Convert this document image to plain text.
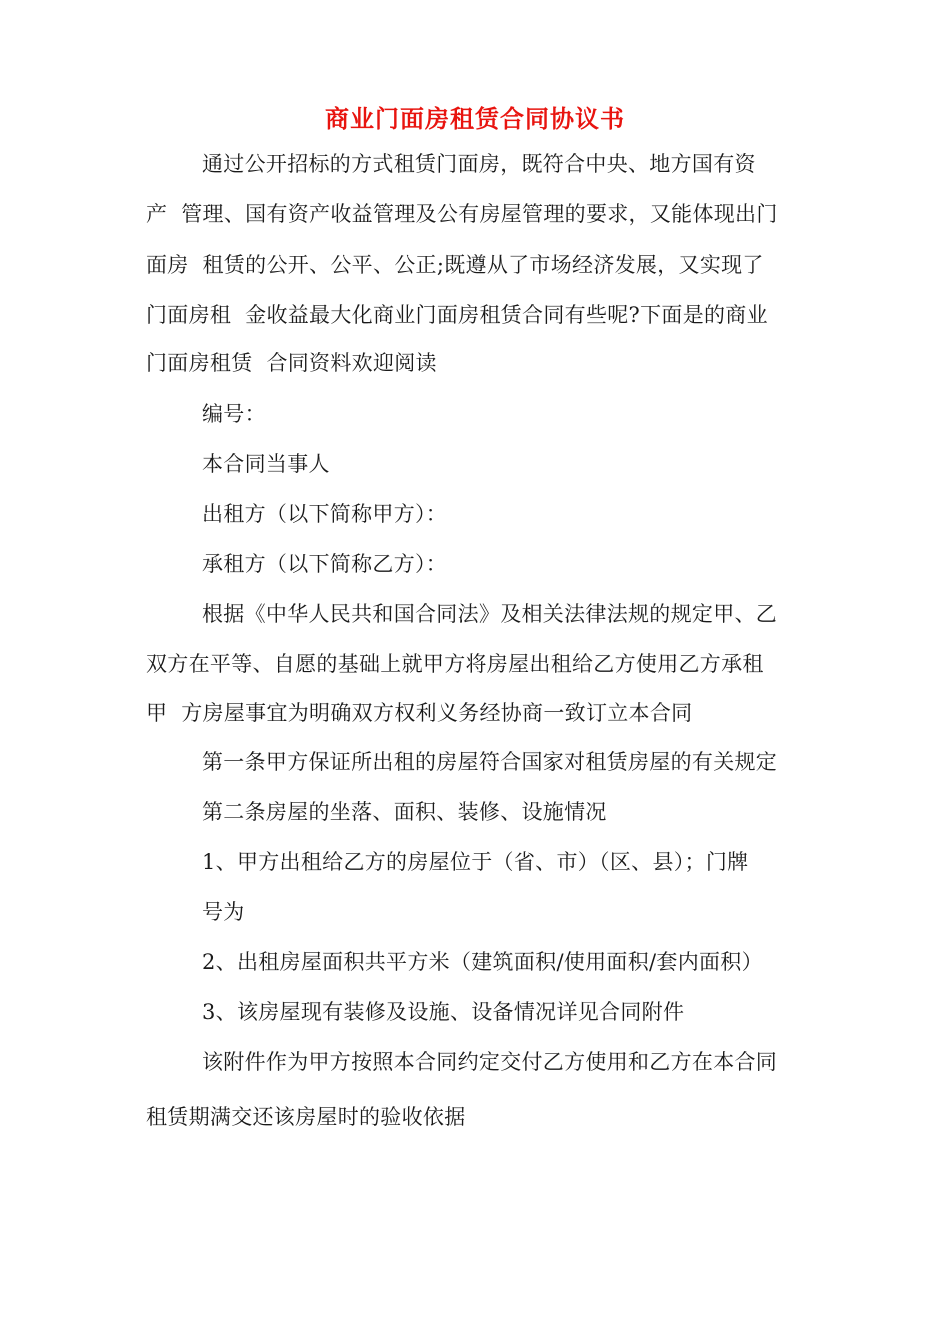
商业门面房租赁合同协议书

通过公开招标的方式租赁门面房，既符合中央、地方国有资

产  管理、国有资产收益管理及公有房屋管理的要求，又能体现出门

面房  租赁的公开、公平、公正;既遵从了市场经济发展，又实现了

门面房租  金收益最大化商业门面房租赁合同有些呢?下面是的商业

门面房租赁  合同资料欢迎阅读

编号：

本合同当事人

出租方（以下简称甲方）：

承租方（以下简称乙方）：

根据《中华人民共和国合同法》及相关法律法规的规定甲、乙

双方在平等、自愿的基础上就甲方将房屋出租给乙方使用乙方承租

甲  方房屋事宜为明确双方权利义务经协商一致订立本合同

第一条甲方保证所出租的房屋符合国家对租赁房屋的有关规定

第二条房屋的坐落、面积、装修、设施情况

1、甲方出租给乙方的房屋位于（省、市）（区、县）；门牌

号为

2、出租房屋面积共平方米（建筑面积/使用面积/套内面积）

3、该房屋现有装修及设施、设备情况详见合同附件

该附件作为甲方按照本合同约定交付乙方使用和乙方在本合同

租赁期满交还该房屋时的验收依据
